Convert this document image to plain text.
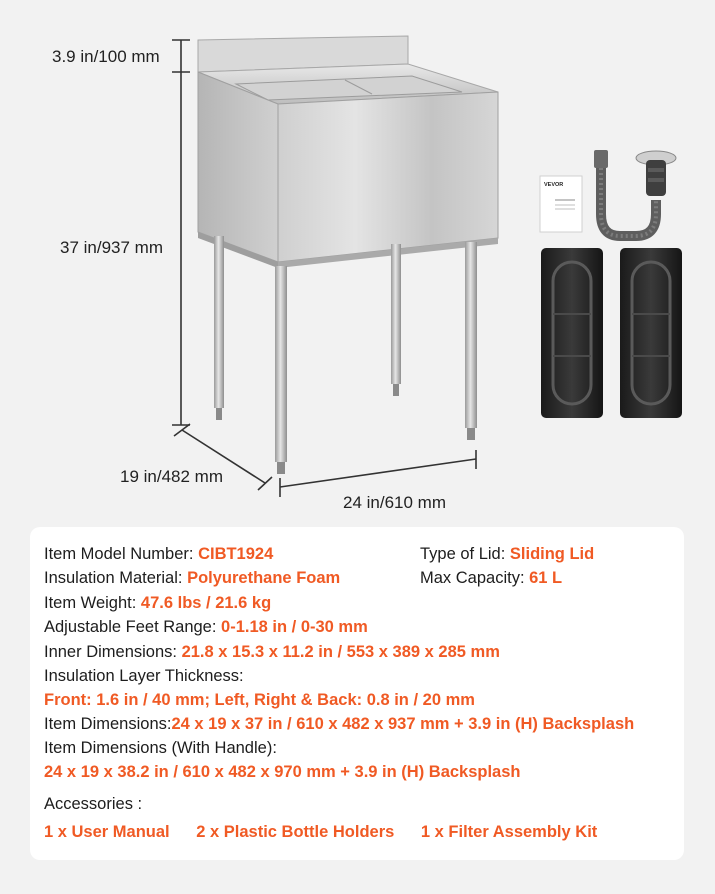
VEVOR
3.9 in/100 mm
37 in/937 mm
19 in/482 mm
24 in/610 mm
Item Model Number: CIBT1924	Type of Lid: Sliding Lid
Insulation Material: Polyurethane Foam	Max Capacity: 61 L
Item Weight: 47.6 lbs / 21.6 kg
Adjustable Feet Range: 0-1.18 in / 0-30 mm
Inner Dimensions: 21.8 x 15.3 x 11.2 in / 553 x 389 x 285 mm
Insulation Layer Thickness:
Front: 1.6 in / 40 mm; Left, Right & Back: 0.8 in / 20 mm
Item Dimensions:24 x 19 x 37 in / 610 x 482 x 937 mm + 3.9 in (H) Backsplash
Item Dimensions (With Handle):
24 x 19 x 38.2 in / 610 x 482 x 970 mm + 3.9 in (H) Backsplash
Accessories :
1 x User Manual 2 x Plastic Bottle Holders 1 x Filter Assembly Kit
